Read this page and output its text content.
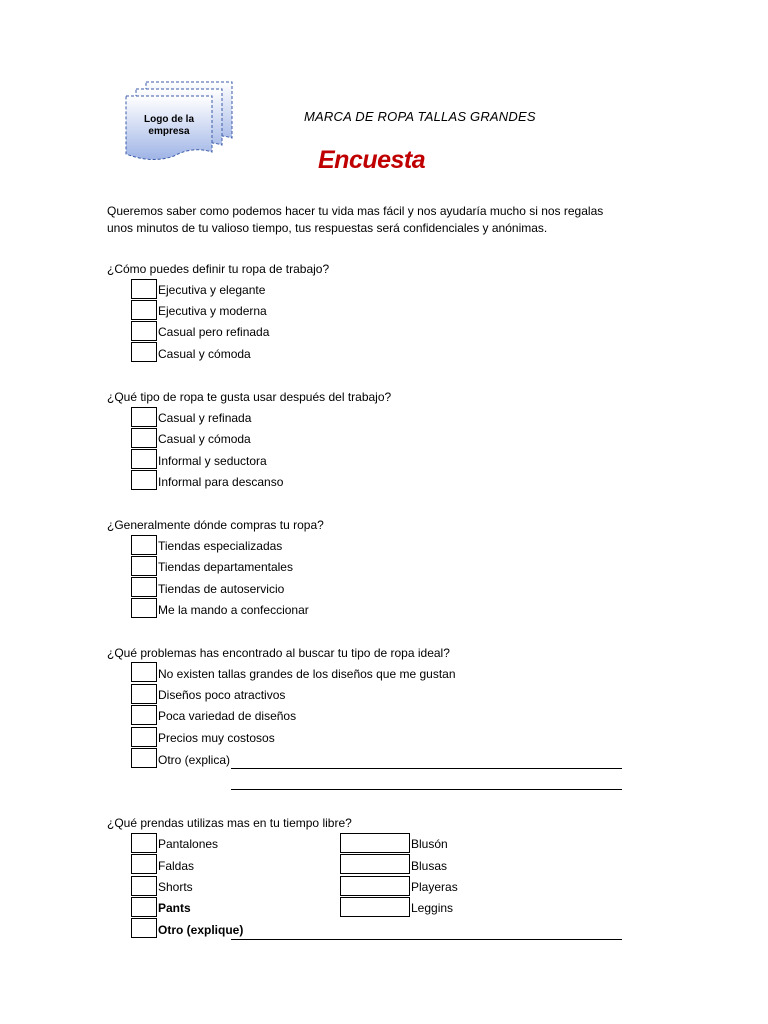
Logo de la
empresa
MARCA DE ROPA TALLAS GRANDES
Encuesta
Queremos saber como podemos hacer tu vida mas fácil y nos ayudaría mucho si nos regalas unos minutos de tu valioso tiempo, tus respuestas será confidenciales y anónimas.
¿Cómo puedes definir tu ropa de trabajo?
Ejecutiva y elegante
Ejecutiva y moderna
Casual pero refinada
Casual y cómoda
¿Qué tipo de ropa te gusta usar después del trabajo?
Casual y refinada
Casual y cómoda
Informal y seductora
Informal para descanso
¿Generalmente dónde compras tu ropa?
Tiendas especializadas
Tiendas departamentales
Tiendas de autoservicio
Me la mando a confeccionar
¿Qué problemas has encontrado al buscar tu tipo de ropa ideal?
No existen tallas grandes de los diseños que me gustan
Diseños poco atractivos
Poca variedad de diseños
Precios muy costosos
Otro (explica)
¿Qué prendas utilizas mas en tu tiempo libre?
Pantalones
Faldas
Shorts
Pants
Otro (explique)
Blusón
Blusas
Playeras
Leggins
